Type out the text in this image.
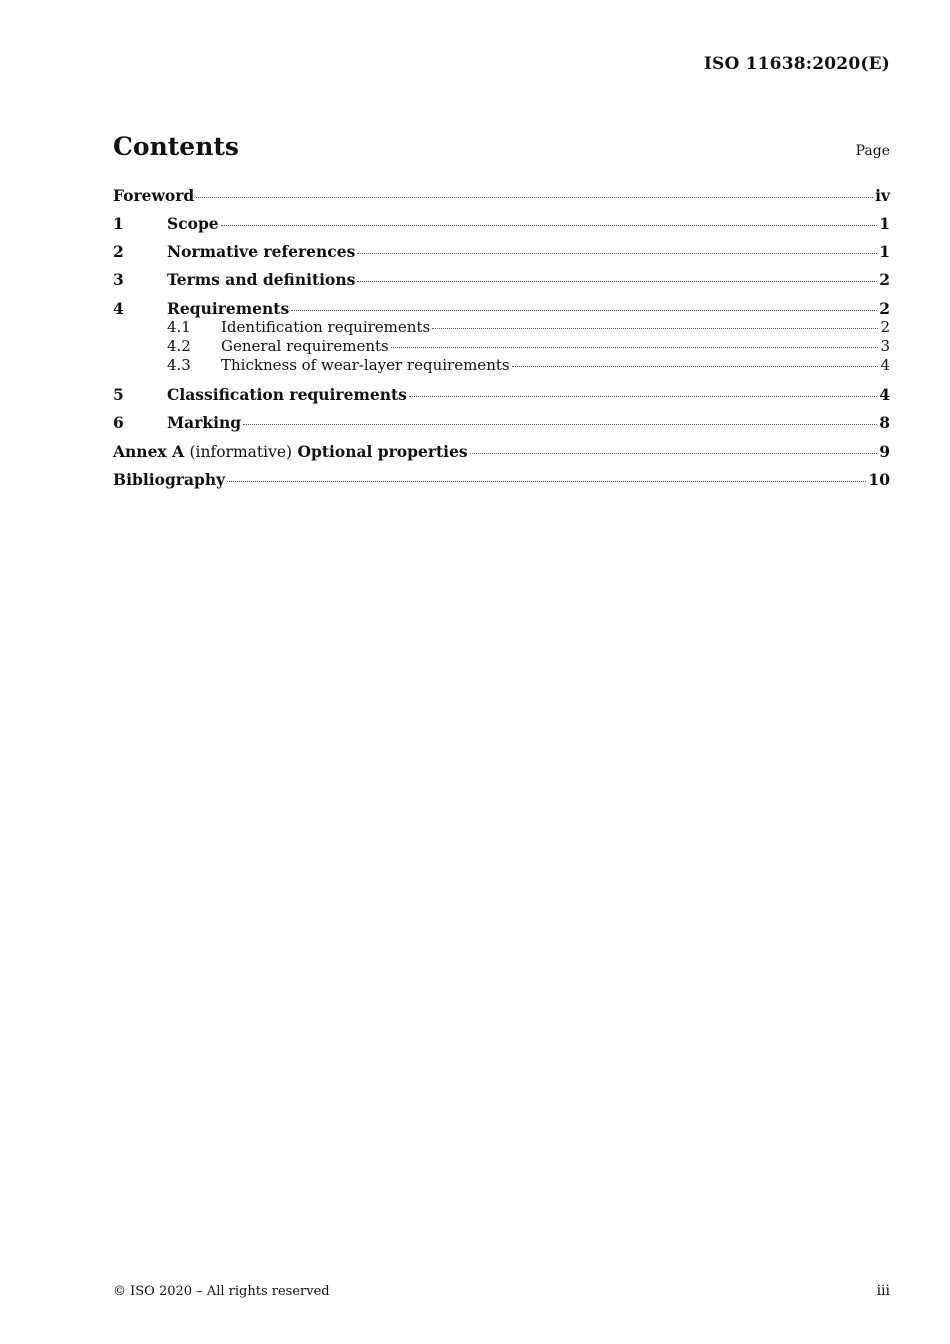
ISO 11638:2020(E)
Contents	Page
Foreword	iv
1	Scope	1
2	Normative references	1
3	Terms and definitions	2
4	Requirements	2
4.1	Identification requirements	2
4.2	General requirements	3
4.3	Thickness of wear-layer requirements	4
5	Classification requirements	4
6	Marking	8
Annex A (informative) Optional properties	9
Bibliography	10
© ISO 2020 – All rights reserved	iii
